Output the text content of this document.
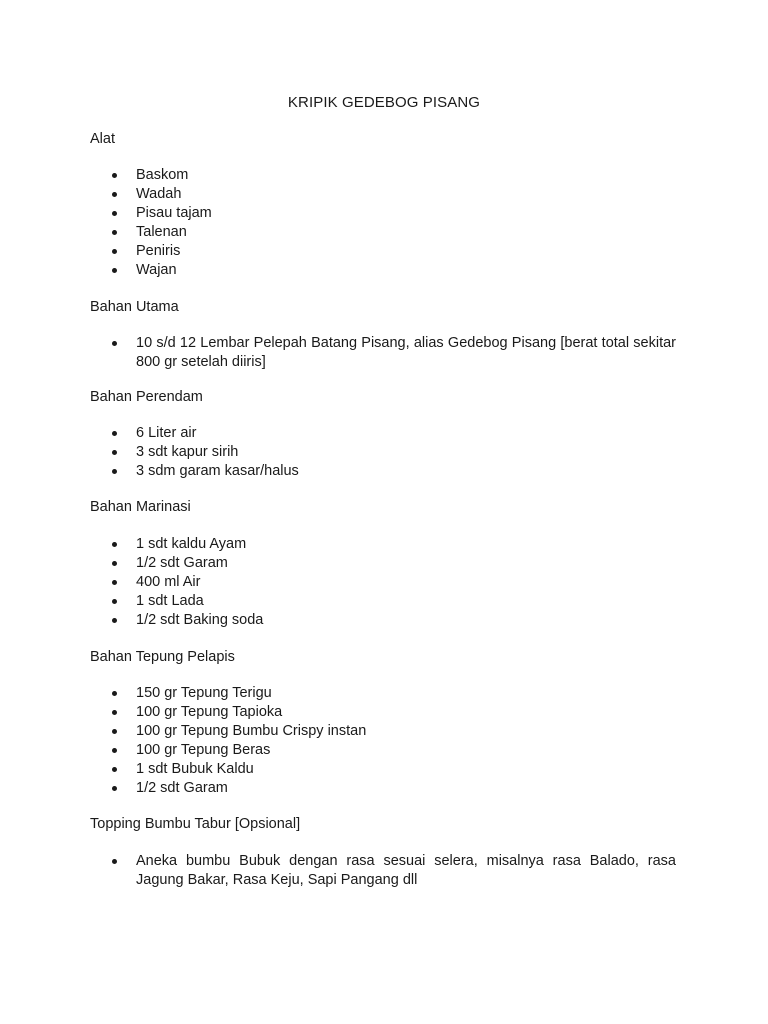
KRIPIK GEDEBOG PISANG
Alat
Baskom
Wadah
Pisau tajam
Talenan
Peniris
Wajan
Bahan Utama
10 s/d 12 Lembar Pelepah Batang Pisang, alias Gedebog Pisang [berat total sekitar 800 gr setelah diiris]
Bahan Perendam
6 Liter air
3 sdt kapur sirih
3 sdm garam kasar/halus
Bahan Marinasi
1 sdt kaldu Ayam
1/2 sdt Garam
400 ml Air
1 sdt Lada
1/2 sdt Baking soda
Bahan Tepung Pelapis
150 gr Tepung Terigu
100 gr Tepung Tapioka
100 gr Tepung Bumbu Crispy instan
100 gr Tepung Beras
1 sdt Bubuk Kaldu
1/2 sdt Garam
Topping Bumbu Tabur [Opsional]
Aneka bumbu Bubuk dengan rasa sesuai selera, misalnya rasa Balado, rasa Jagung Bakar, Rasa Keju, Sapi Pangang dll
